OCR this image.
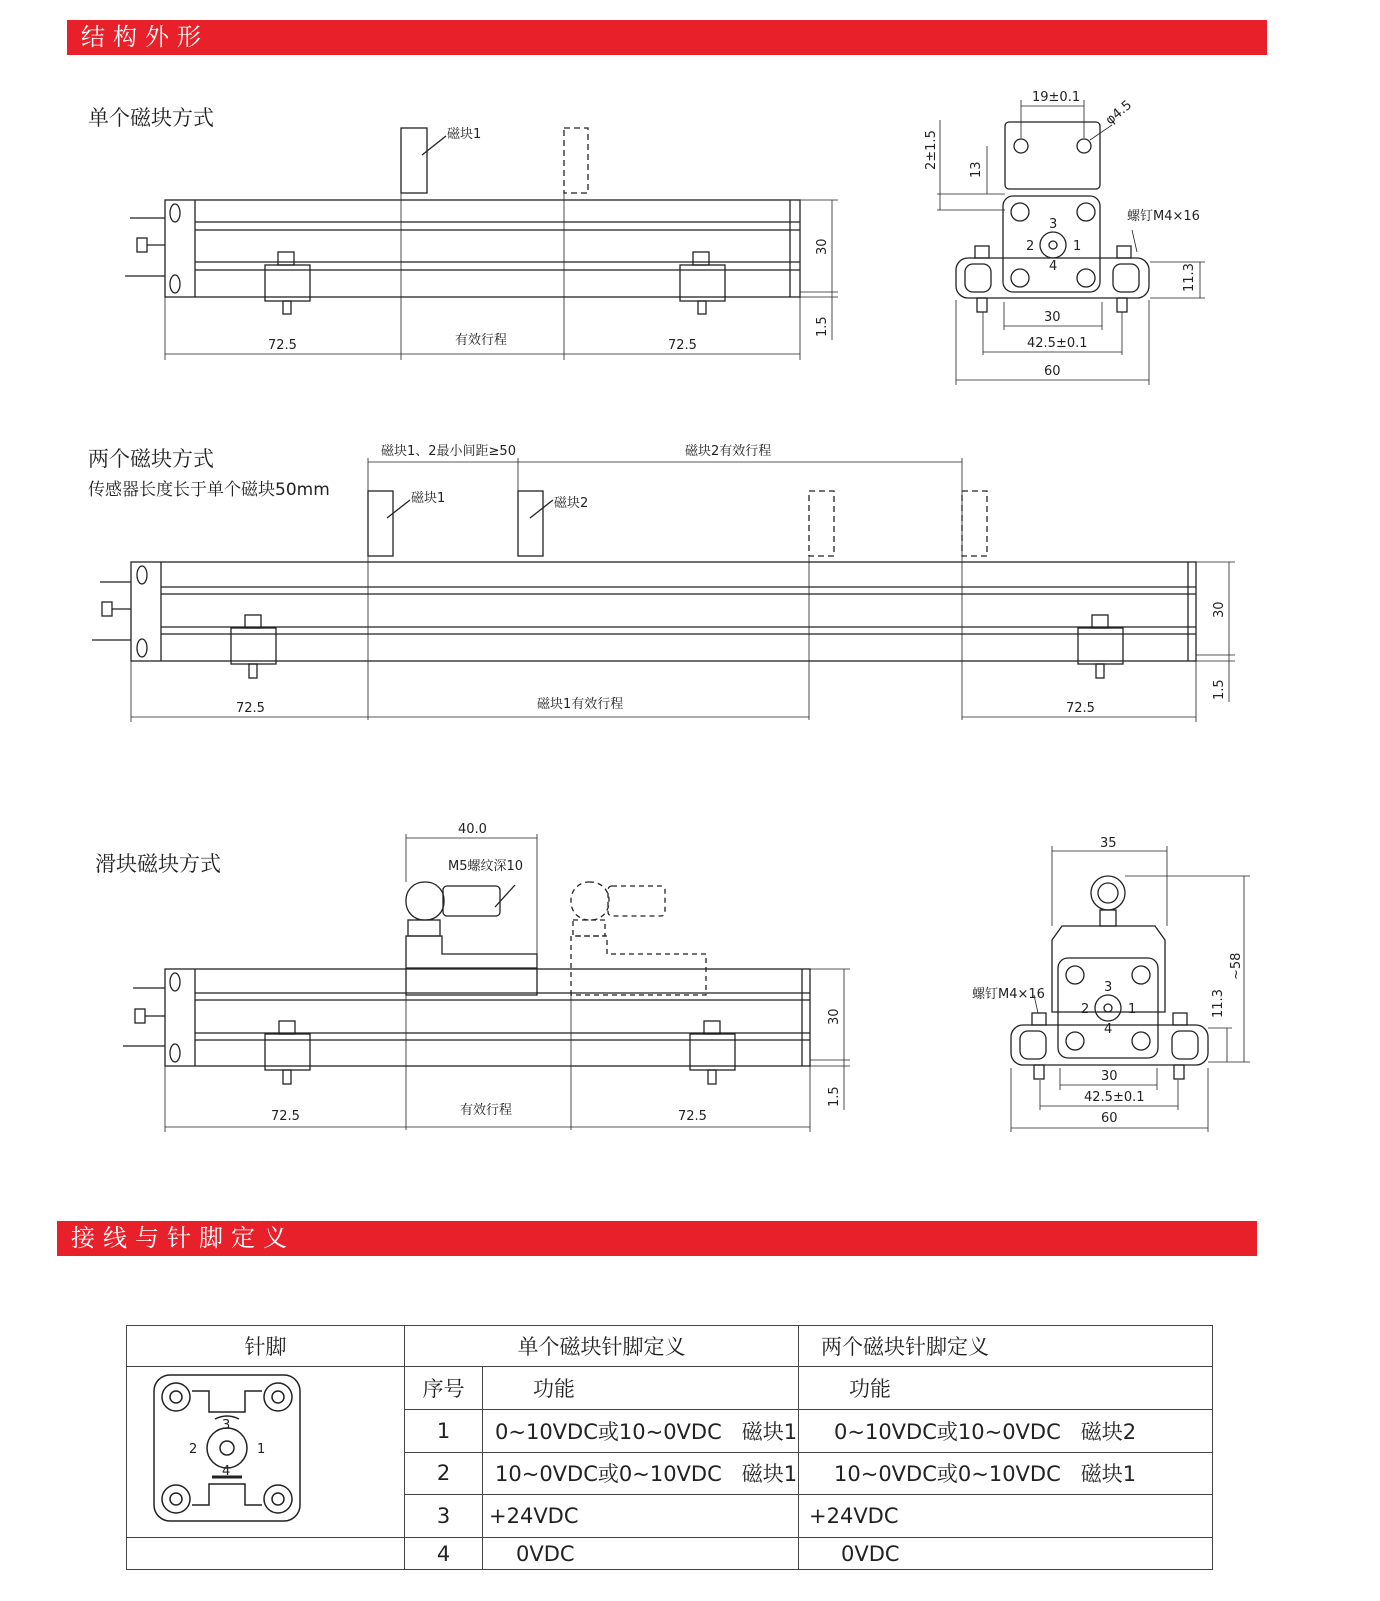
结构外形
接线与针脚定义
单个磁块方式
两个磁块方式
传感器长度长于单个磁块50mm
滑块磁块方式
磁块1
72.5	有效行程	72.5
30
1.5
19±0.1
φ4.5
2±1.5 13
螺钉M4×16
11.3
30
42.5±0.1
60
3
2	1
4
磁块1、2最小间距≥50	磁块2有效行程
磁块1	磁块2
72.5	磁块1有效行程	72.5
30
1.5
40.0
M5螺纹深10
72.5	有效行程	72.5
30
1.5
35
~58
螺钉M4×16	11.3
30
42.5±0.1
60
3
2	1
4
针脚	单个磁块针脚定义		两个磁块针脚定义

3
2 1
4			

	序号	功能	功能
	1	0~10VDC或10~0VDC   磁块1	0~10VDC或10~0VDC   磁块2
	2	10~0VDC或0~10VDC   磁块1	10~0VDC或0~10VDC   磁块1
	3	+24VDC	+24VDC
	4	0VDC	0VDC
